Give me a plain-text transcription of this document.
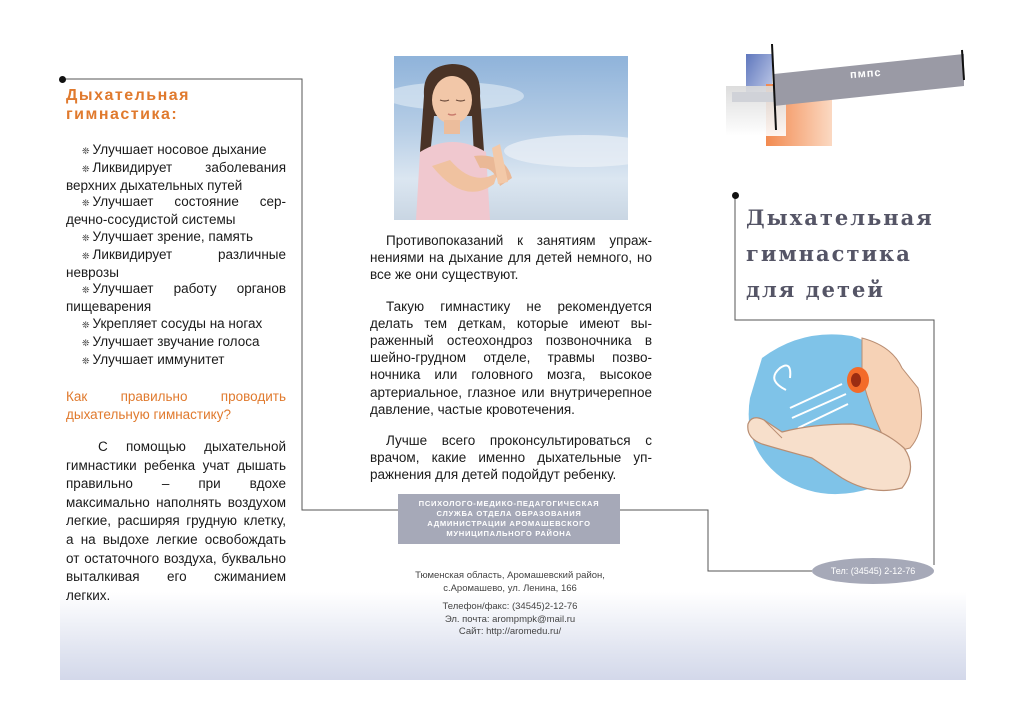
Дыхательная гимнастика:
❊ Улучшает носовое дыхание
❊ Ликвидирует заболевания верхних дыхательных путей
❊ Улучшает состояние сердечно-сосудистой системы
❊ Улучшает зрение, память
❊ Ликвидирует различные неврозы
❊ Улучшает работу органов пищеварения
❊ Укрепляет сосуды на ногах
❊ Улучшает звучание голоса
❊ Улучшает иммунитет
Как правильно проводить дыхательную гимнастику?

С помощью дыхательной гимнастики ребенка учат дышать правильно – при вдохе максимально наполнять воздухом легкие, расширяя грудную клетку, а на выдохе легкие освобождать от остаточного воздуха, буквально выталкивая его сжиманием легких.

Противопоказаний к занятиям упражнениями на дыхание для детей немного, но все же они существуют.

Такую гимнастику не рекомендуется делать тем деткам, которые имеют выраженный остеохондроз позвоночника в шейно-грудном отделе, травмы позвоночника или головного мозга, высокое артериальное, глазное или внутричерепное давление, частые кровотечения.

Лучше всего проконсультироваться с врачом, какие именно дыхательные упражнения для детей подойдут ребенку.

ПСИХОЛОГО-МЕДИКО-ПЕДАГОГИЧЕСКАЯ СЛУЖБА ОТДЕЛА ОБРАЗОВАНИЯ АДМИНИСТРАЦИИ АРОМАШЕВСКОГО МУНИЦИПАЛЬНОГО РАЙОНА
Тюменская область, Аромашевский район,
с.Аромашево, ул. Ленина, 166
Телефон/факс: (34545)2-12-76
Эл. почта: arompmpk@mail.ru
Сайт: http://aromedu.ru/
пмпс
Дыхательная
гимнастика
для детей
Тел: (34545) 2-12-76
